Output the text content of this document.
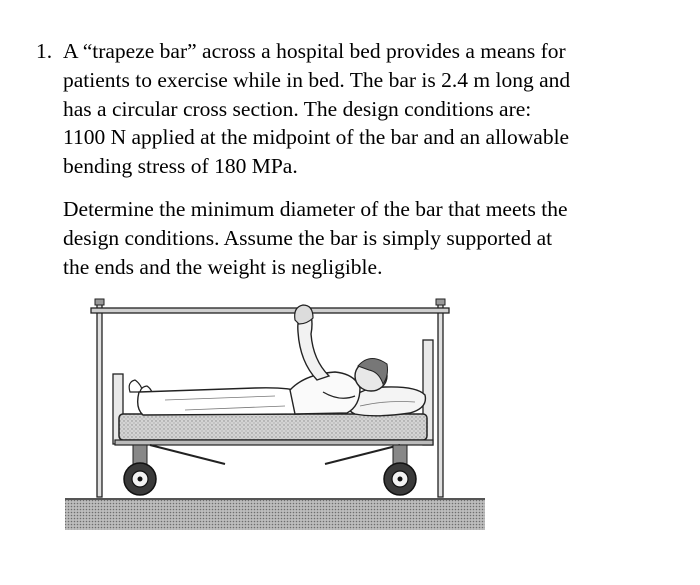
1. A “trapeze bar” across a hospital bed provides a means for
patients to exercise while in bed. The bar is 2.4 m long and
has a circular cross section. The design conditions are:
1100 N applied at the midpoint of the bar and an allowable
bending stress of 180 MPa.
Determine the minimum diameter of the bar that meets the
design conditions. Assume the bar is simply supported at
the ends and the weight is negligible.
